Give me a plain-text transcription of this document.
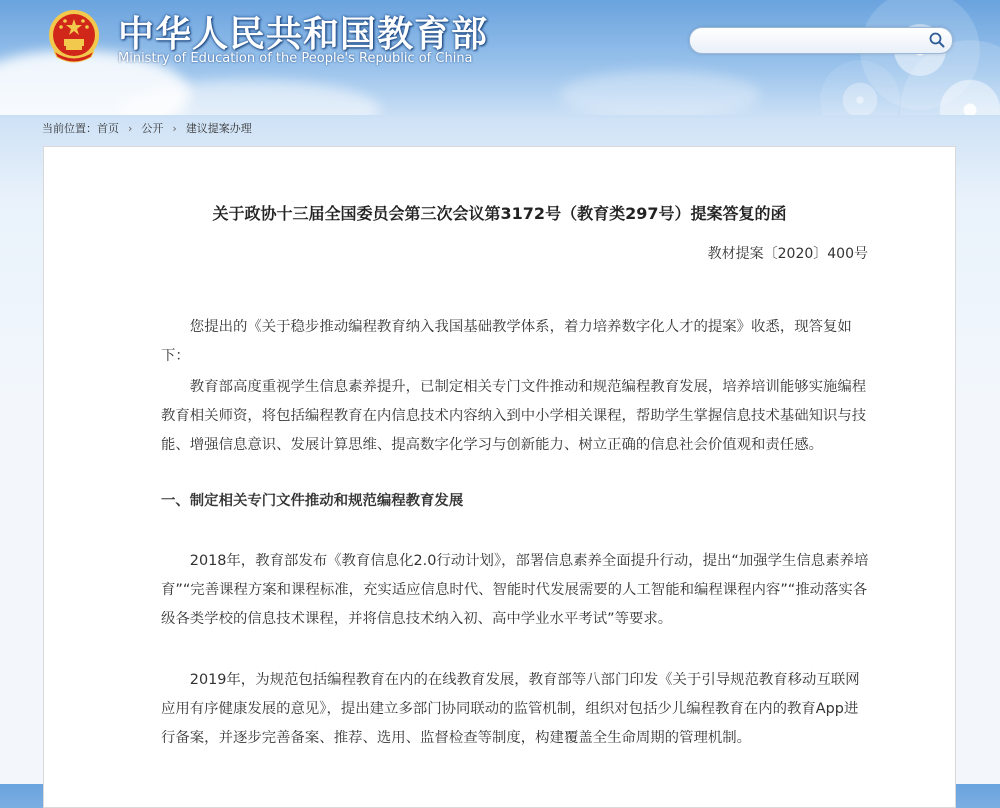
中华人民共和国教育部
Ministry of Education of the People's Republic of China
当前位置：首页 › 公开 › 建议提案办理
关于政协十三届全国委员会第三次会议第3172号（教育类297号）提案答复的函
教材提案〔2020〕400号
您提出的《关于稳步推动编程教育纳入我国基础教学体系，着力培养数字化人才的提案》收悉，现答复如下：
教育部高度重视学生信息素养提升，已制定相关专门文件推动和规范编程教育发展，培养培训能够实施编程教育相关师资，将包括编程教育在内信息技术内容纳入到中小学相关课程，帮助学生掌握信息技术基础知识与技能、增强信息意识、发展计算思维、提高数字化学习与创新能力、树立正确的信息社会价值观和责任感。
一、制定相关专门文件推动和规范编程教育发展
2018年，教育部发布《教育信息化2.0行动计划》，部署信息素养全面提升行动，提出“加强学生信息素养培育”“完善课程方案和课程标准，充实适应信息时代、智能时代发展需要的人工智能和编程课程内容”“推动落实各级各类学校的信息技术课程，并将信息技术纳入初、高中学业水平考试”等要求。
2019年，为规范包括编程教育在内的在线教育发展，教育部等八部门印发《关于引导规范教育移动互联网应用有序健康发展的意见》，提出建立多部门协同联动的监管机制，组织对包括少儿编程教育在内的教育App进行备案，并逐步完善备案、推荐、选用、监督检查等制度，构建覆盖全生命周期的管理机制。
